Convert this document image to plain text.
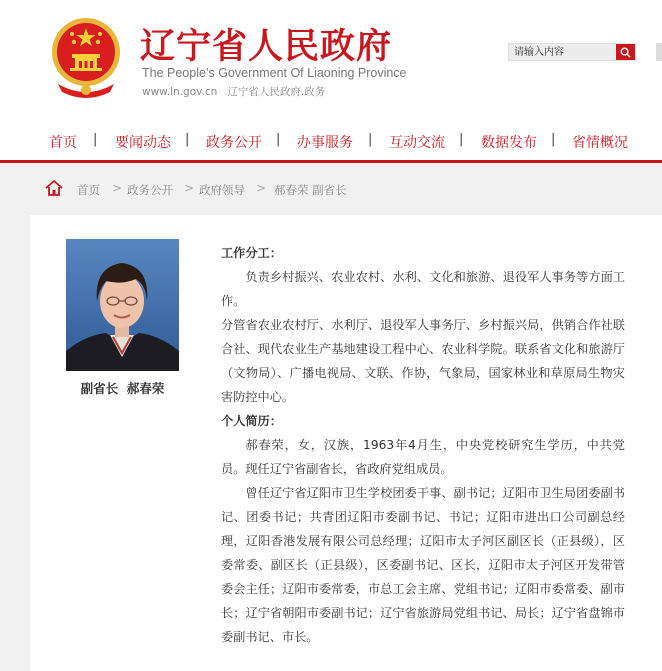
辽宁省人民政府
The People’s Government Of Liaoning Province
www.ln.gov.cn 辽宁省人民政府.政务
请输入内容
首页 | 要闻动态 | 政务公开 | 办事服务 | 互动交流 | 数据发布 | 省情概况
首页 > 政务公开 > 政府领导 > 郝春荣 副省长
副省长  郝春荣
工作分工：

负责乡村振兴、农业农村、水利、文化和旅游、退役军人事务等方面工作。

分管省农业农村厅、水利厅、退役军人事务厅、乡村振兴局，供销合作社联合社、现代农业生产基地建设工程中心、农业科学院。联系省文化和旅游厅（文物局）、广播电视局、文联、作协，气象局，国家林业和草原局生物灾害防控中心。

个人简历：

郝春荣，女，汉族，1963年4月生，中央党校研究生学历，中共党员。现任辽宁省副省长，省政府党组成员。

曾任辽宁省辽阳市卫生学校团委干事、副书记；辽阳市卫生局团委副书记、团委书记；共青团辽阳市委副书记、书记；辽阳市进出口公司副总经理，辽阳香港发展有限公司总经理；辽阳市太子河区副区长（正县级），区委常委、副区长（正县级），区委副书记、区长，辽阳市太子河区开发带管委会主任；辽阳市委常委，市总工会主席、党组书记；辽阳市委常委、副市长；辽宁省朝阳市委副书记；辽宁省旅游局党组书记、局长；辽宁省盘锦市委副书记、市长。
